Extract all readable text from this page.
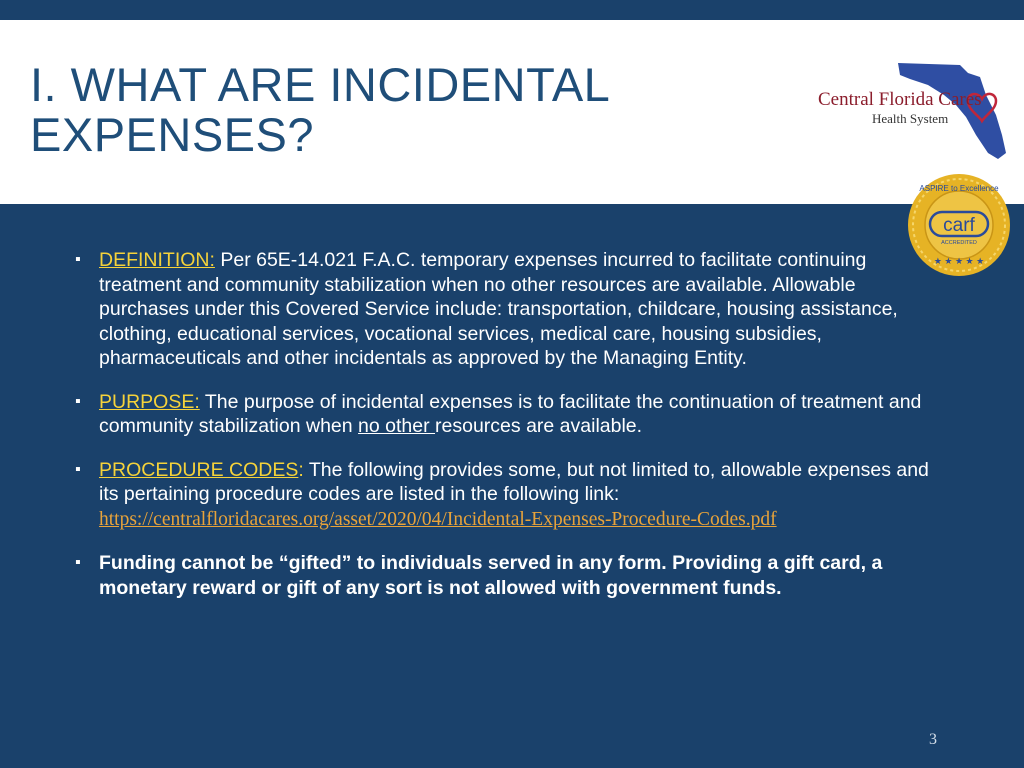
I. WHAT ARE INCIDENTAL
EXPENSES?
Central Florida Cares
Health System
ASPIRE to Excellence
carf
ACCREDITED
★ ★ ★ ★ ★
▪ DEFINITION: Per 65E-14.021 F.A.C. temporary expenses incurred to facilitate continuing treatment and community stabilization when no other resources are available. Allowable purchases under this Covered Service include: transportation, childcare, housing assistance, clothing, educational services, vocational services, medical care, housing subsidies, pharmaceuticals and other incidentals as approved by the Managing Entity.
▪ PURPOSE: The purpose of incidental expenses is to facilitate the continuation of treatment and community stabilization when no other resources are available.
▪ PROCEDURE CODES: The following provides some, but not limited to, allowable expenses and its pertaining procedure codes are listed in the following link: https://centralfloridacares.org/asset/2020/04/Incidental-Expenses-Procedure-Codes.pdf
▪ Funding cannot be “gifted” to individuals served in any form. Providing a gift card, a monetary reward or gift of any sort is not allowed with government funds.
3
